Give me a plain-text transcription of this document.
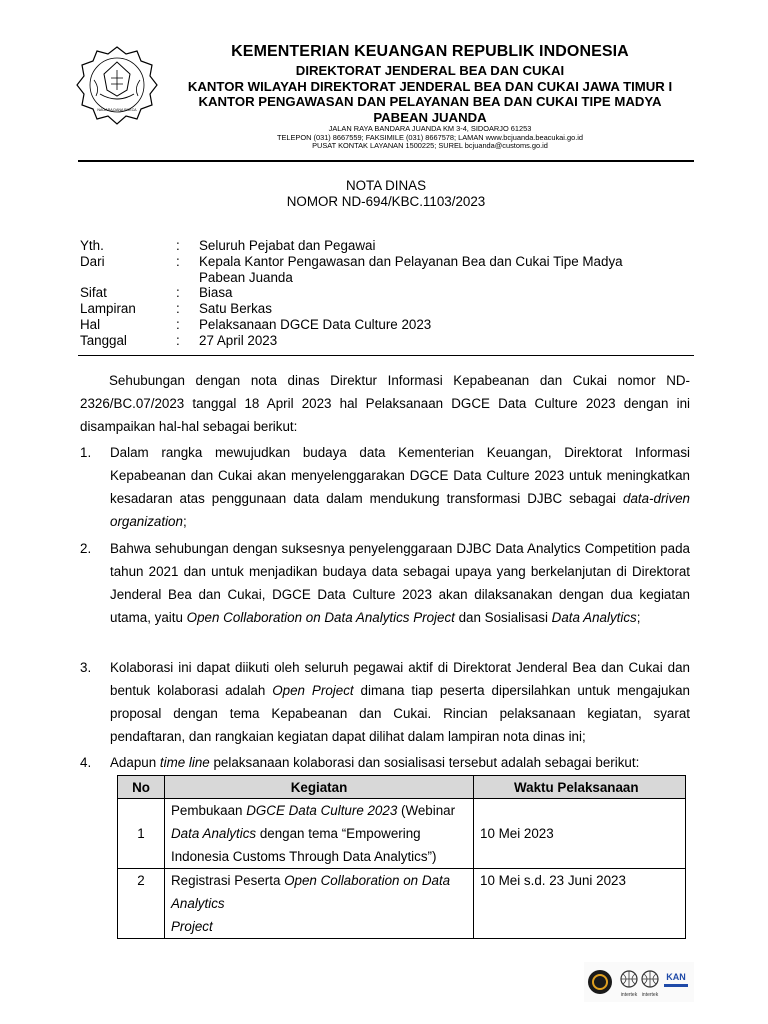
NAGARA DANA RAKCA
KEMENTERIAN KEUANGAN REPUBLIK INDONESIA
DIREKTORAT JENDERAL BEA DAN CUKAI
KANTOR WILAYAH DIREKTORAT JENDERAL BEA DAN CUKAI JAWA TIMUR I
KANTOR PENGAWASAN DAN PELAYANAN BEA DAN CUKAI TIPE MADYA
PABEAN JUANDA
JALAN RAYA BANDARA JUANDA KM 3-4, SIDOARJO 61253
TELEPON (031) 8667559; FAKSIMILE (031) 8667578; LAMAN www.bcjuanda.beacukai.go.id
PUSAT KONTAK LAYANAN 1500225; SUREL bcjuanda@customs.go.id
NOTA DINAS
NOMOR ND-694/KBC.1103/2023
Yth.	:	Seluruh Pejabat dan Pegawai
Dari	:	Kepala Kantor Pengawasan dan Pelayanan Bea dan Cukai Tipe Madya
Pabean Juanda
Sifat	:	Biasa
Lampiran	:	Satu Berkas
Hal	:	Pelaksanaan DGCE Data Culture 2023
Tanggal	:	27 April 2023
Sehubungan dengan nota dinas Direktur Informasi Kepabeanan dan Cukai nomor ND-2326/BC.07/2023 tanggal 18 April 2023 hal Pelaksanaan DGCE Data Culture 2023 dengan ini disampaikan hal-hal sebagai berikut:
1. Dalam rangka mewujudkan budaya data Kementerian Keuangan, Direktorat Informasi Kepabeanan dan Cukai akan menyelenggarakan DGCE Data Culture 2023 untuk meningkatkan kesadaran atas penggunaan data dalam mendukung transformasi DJBC sebagai data-driven organization;
2. Bahwa sehubungan dengan suksesnya penyelenggaraan DJBC Data Analytics Competition pada tahun 2021 dan untuk menjadikan budaya data sebagai upaya yang berkelanjutan di Direktorat Jenderal Bea dan Cukai, DGCE Data Culture 2023 akan dilaksanakan dengan dua kegiatan utama, yaitu Open Collaboration on Data Analytics Project dan Sosialisasi Data Analytics;
3. Kolaborasi ini dapat diikuti oleh seluruh pegawai aktif di Direktorat Jenderal Bea dan Cukai dan bentuk kolaborasi adalah Open Project dimana tiap peserta dipersilahkan untuk mengajukan proposal dengan tema Kepabeanan dan Cukai. Rincian pelaksanaan kegiatan, syarat pendaftaran, dan rangkaian kegiatan dapat dilihat dalam lampiran nota dinas ini;
4. Adapun time line pelaksanaan kolaborasi dan sosialisasi tersebut adalah sebagai berikut:
No	Kegiatan	Waktu Pelaksanaan
1	Pembukaan DGCE Data Culture 2023 (Webinar Data Analytics dengan tema “Empowering Indonesia Customs Through Data Analytics”)	10 Mei 2023
2	Registrasi Peserta Open Collaboration on Data Analytics
Project	10 Mei s.d. 23 Juni 2023
intertek intertek
KAN
